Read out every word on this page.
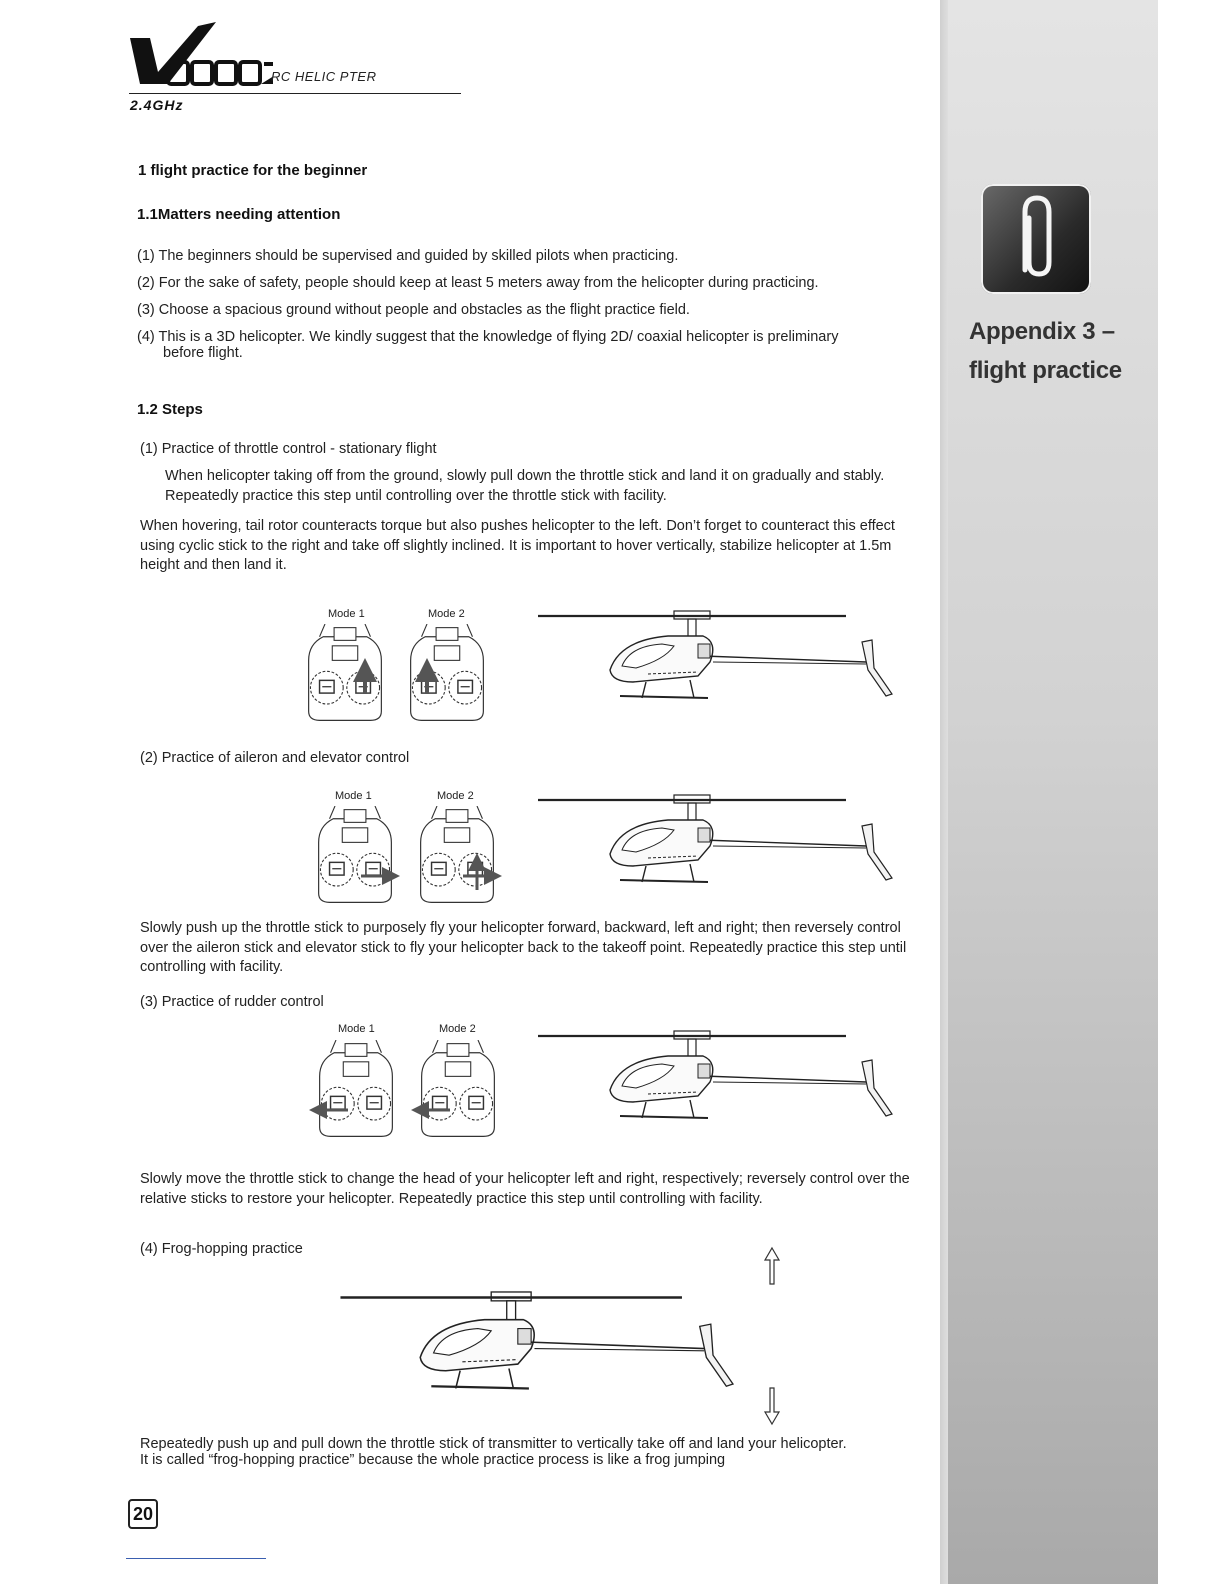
Appendix 3 –
flight practice
RC HELIC PTER
2.4GHz
1 flight practice for the beginner
1.1Matters needing attention
(1) The beginners should be supervised and guided by skilled pilots when practicing.
(2) For the sake of safety, people should keep at least 5 meters away from the helicopter during practicing.
(3) Choose a spacious ground without people and obstacles as the flight practice field.
(4) This is a 3D helicopter. We kindly suggest that the knowledge of flying 2D/ coaxial helicopter is preliminary
before flight.
1.2 Steps
(1) Practice of throttle control - stationary flight
When helicopter taking off from the ground, slowly pull down the throttle stick and land it on gradually and stably. Repeatedly practice this step until controlling over the throttle stick with facility.
When hovering, tail rotor counteracts torque but also pushes helicopter to the left. Don’t forget to counteract this effect using cyclic stick to the right and take off slightly inclined. It is important to hover vertically, stabilize helicopter at 1.5m height and then land it.
Mode 1	Mode 2
(2) Practice of aileron and elevator control
Mode 1	Mode 2
Slowly push up the throttle stick to purposely fly your helicopter forward, backward, left and right; then reversely control over the aileron stick and elevator stick to fly your helicopter back to the takeoff point. Repeatedly practice this step until controlling with facility.
(3) Practice of rudder control
Mode 1	Mode 2
Slowly move the throttle stick to change the head of your helicopter left and right, respectively; reversely control over the relative sticks to restore your helicopter. Repeatedly practice this step until controlling with facility.
(4) Frog-hopping practice
Repeatedly push up and pull down the throttle stick of transmitter to vertically take off and land your helicopter.
It is called “frog-hopping practice” because the whole practice process is like a frog jumping
20
